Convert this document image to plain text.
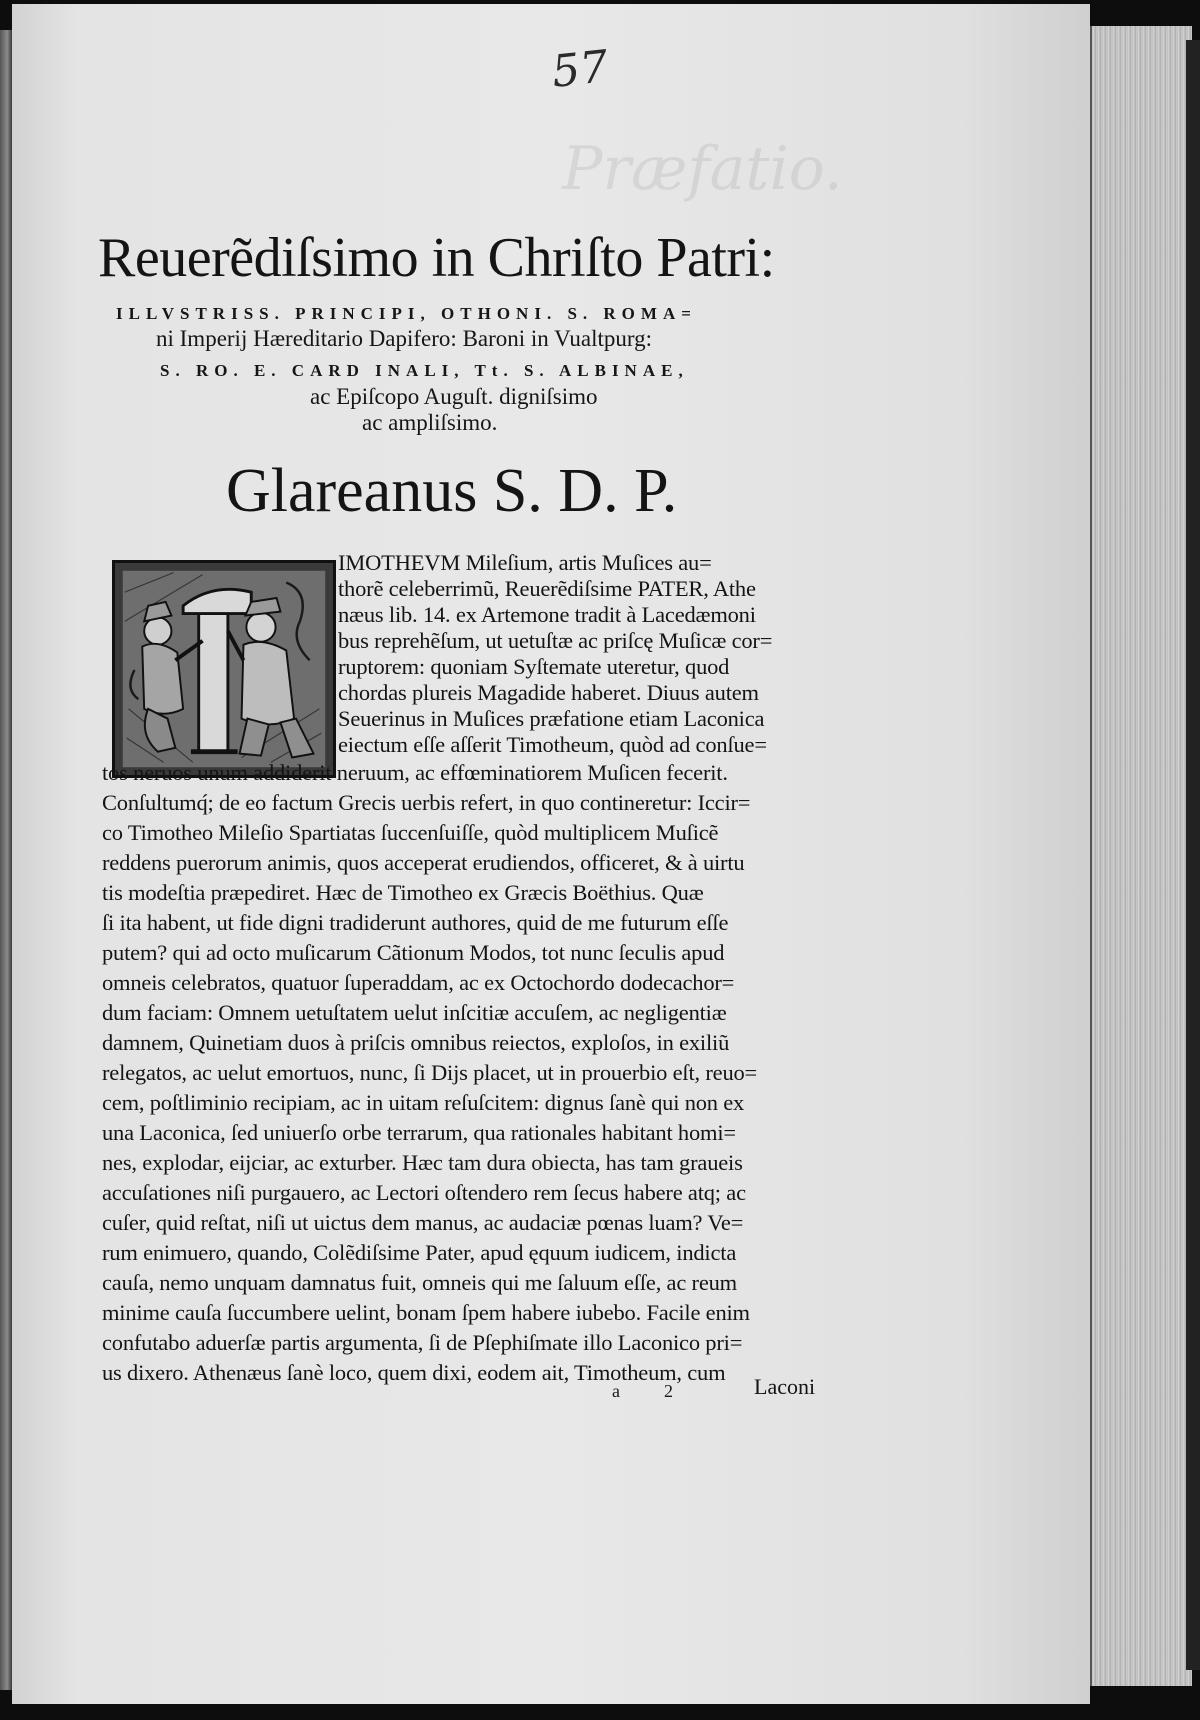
57
Præfatio.
Reuerẽdiſsimo in Chriſto Patri:
ILLVSTRISS. PRINCIPI, OTHONI. S. ROMA=
ni Imperij Hæreditario Dapifero: Baroni in Vualtpurg:
S. RO. E. CARD INALI, Tt. S. ALBINAE,
ac Epiſcopo Auguſt. digniſsimo
ac ampliſsimo.
Glareanus S. D. P.
IMOTHEVM Mileſium, artis Muſices au=
thorẽ celeberrimũ, Reuerẽdiſsime PATER, Athe
næus lib. 14. ex Artemone tradit à Lacedæmoni
bus reprehẽſum, ut uetuſtæ ac priſcę Muſicæ cor=
ruptorem: quoniam Syſtemate uteretur, quod
chordas plureis Magadide haberet. Diuus autem
Seuerinus in Muſices præfatione etiam Laconica
eiectum eſſe aſſerit Timotheum, quòd ad conſue=
tos neruos unum addiderit neruum, ac effœminatiorem Muſicen fecerit.
Conſultumq́; de eo factum Grecis uerbis refert, in quo contineretur: Iccir=
co Timotheo Mileſio Spartiatas ſuccenſuiſſe, quòd multiplicem Muſicẽ
reddens puerorum animis, quos acceperat erudiendos, officeret, & à uirtu
tis modeſtia præpediret. Hæc de Timotheo ex Græcis Boëthius. Quæ
ſi ita habent, ut fide digni tradiderunt authores, quid de me futurum eſſe
putem? qui ad octo muſicarum Cãtionum Modos, tot nunc ſeculis apud
omneis celebratos, quatuor ſuperaddam, ac ex Octochordo dodecachor=
dum faciam: Omnem uetuſtatem uelut inſcitiæ accuſem, ac negligentiæ
damnem, Quinetiam duos à priſcis omnibus reiectos, exploſos, in exiliũ
relegatos, ac uelut emortuos, nunc, ſi Dijs placet, ut in prouerbio eſt, reuo=
cem, poſtliminio recipiam, ac in uitam reſuſcitem: dignus ſanè qui non ex
una Laconica, ſed uniuerſo orbe terrarum, qua rationales habitant homi=
nes, explodar, eijciar, ac exturber. Hæc tam dura obiecta, has tam graueis
accuſationes niſi purgauero, ac Lectori oſtendero rem ſecus habere atq; ac
cuſer, quid reſtat, niſi ut uictus dem manus, ac audaciæ pœnas luam? Ve=
rum enimuero, quando, Colẽdiſsime Pater, apud ęquum iudicem, indicta
cauſa, nemo unquam damnatus fuit, omneis qui me ſaluum eſſe, ac reum
minime cauſa ſuccumbere uelint, bonam ſpem habere iubebo. Facile enim
confutabo aduerſæ partis argumenta, ſi de Pſephiſmate illo Laconico pri=
us dixero. Athenæus ſanè loco, quem dixi, eodem ait, Timotheum, cum
a 2	Laconi
